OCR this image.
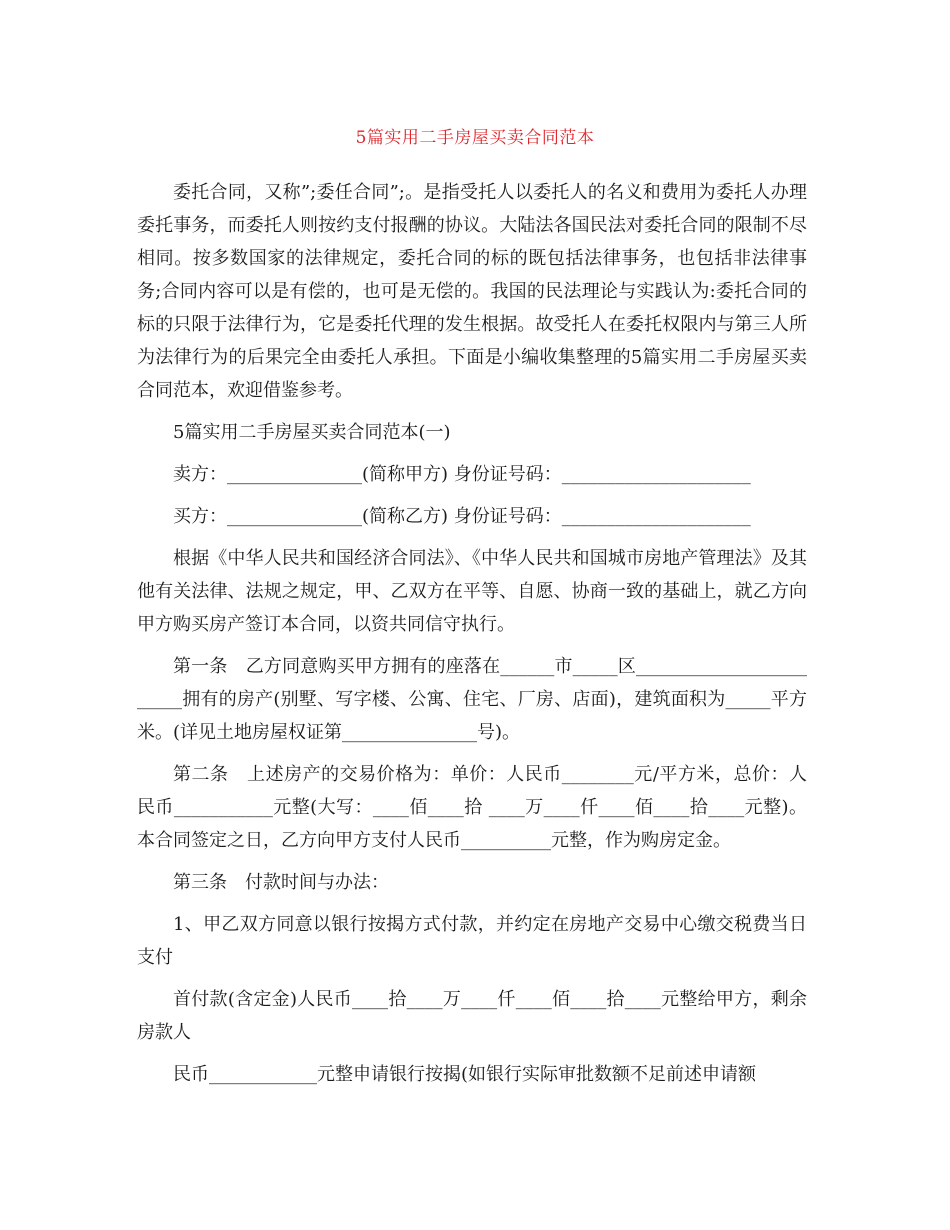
5篇实用二手房屋买卖合同范本

委托合同，又称”;委任合同”;。是指受托人以委托人的名义和费用为委托人办理委托事务，而委托人则按约支付报酬的协议。大陆法各国民法对委托合同的限制不尽相同。按多数国家的法律规定，委托合同的标的既包括法律事务，也包括非法律事务;合同内容可以是有偿的，也可是无偿的。我国的民法理论与实践认为:委托合同的标的只限于法律行为，它是委托代理的发生根据。故受托人在委托权限内与第三人所为法律行为的后果完全由委托人承担。下面是小编收集整理的5篇实用二手房屋买卖合同范本，欢迎借鉴参考。

5篇实用二手房屋买卖合同范本(一)

卖方：_______________(简称甲方) 身份证号码：_____________________

买方：_______________(简称乙方) 身份证号码：_____________________

根据《中华人民共和国经济合同法》、《中华人民共和国城市房地产管理法》及其他有关法律、法规之规定，甲、乙双方在平等、自愿、协商一致的基础上，就乙方向甲方购买房产签订本合同，以资共同信守执行。

第一条　乙方同意购买甲方拥有的座落在______市_____区________________________拥有的房产(别墅、写字楼、公寓、住宅、厂房、店面)，建筑面积为_____平方米。(详见土地房屋权证第_______________号)。

第二条　上述房产的交易价格为：单价：人民币________元/平方米，总价：人民币___________元整(大写：____佰____拾 ____万____仟____佰____拾____元整)。本合同签定之日，乙方向甲方支付人民币__________元整，作为购房定金。

第三条　付款时间与办法：

1、甲乙双方同意以银行按揭方式付款，并约定在房地产交易中心缴交税费当日支付

首付款(含定金)人民币____拾____万____仟____佰____拾____元整给甲方，剩余房款人

民币____________元整申请银行按揭(如银行实际审批数额不足前述申请额
